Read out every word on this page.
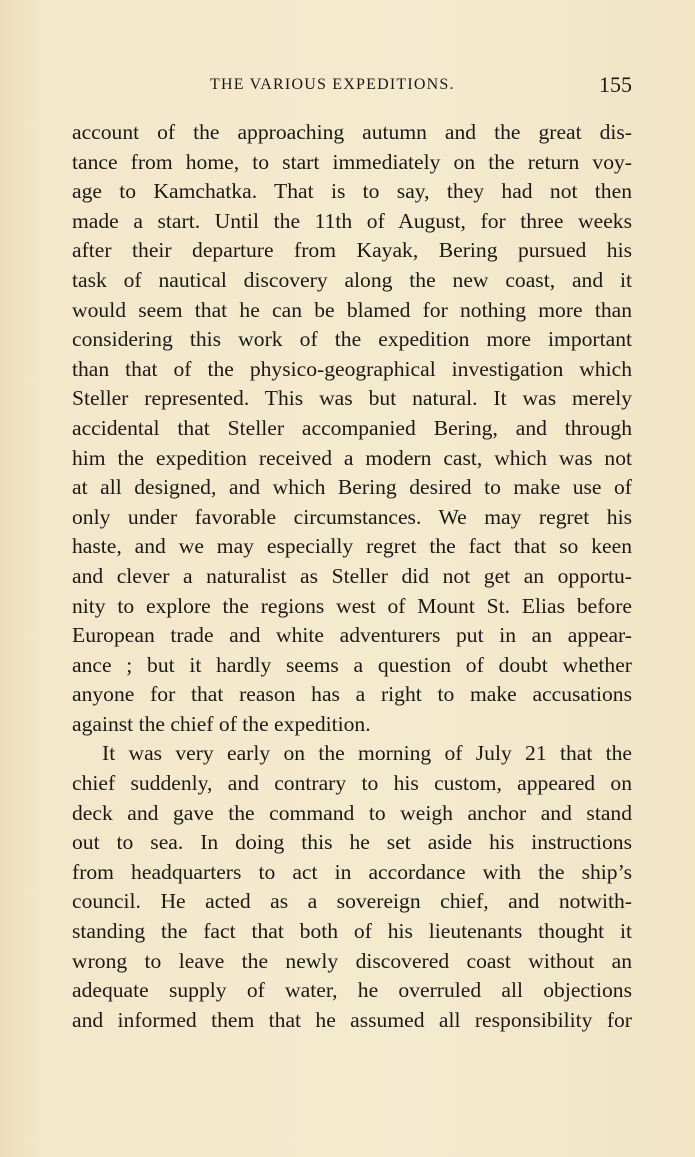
THE VARIOUS EXPEDITIONS.	155
account of the approaching autumn and the great dis-
tance from home, to start immediately on the return voy-
age to Kamchatka. That is to say, they had not then
made a start. Until the 11th of August, for three weeks
after their departure from Kayak, Bering pursued his
task of nautical discovery along the new coast, and it
would seem that he can be blamed for nothing more than
considering this work of the expedition more important
than that of the physico-geographical investigation which
Steller represented. This was but natural. It was merely
accidental that Steller accompanied Bering, and through
him the expedition received a modern cast, which was not
at all designed, and which Bering desired to make use of
only under favorable circumstances. We may regret his
haste, and we may especially regret the fact that so keen
and clever a naturalist as Steller did not get an opportu-
nity to explore the regions west of Mount St. Elias before
European trade and white adventurers put in an appear-
ance ; but it hardly seems a question of doubt whether
anyone for that reason has a right to make accusations
against the chief of the expedition.
It was very early on the morning of July 21 that the
chief suddenly, and contrary to his custom, appeared on
deck and gave the command to weigh anchor and stand
out to sea. In doing this he set aside his instructions
from headquarters to act in accordance with the ship’s
council. He acted as a sovereign chief, and notwith-
standing the fact that both of his lieutenants thought it
wrong to leave the newly discovered coast without an
adequate supply of water, he overruled all objections
and informed them that he assumed all responsibility for
